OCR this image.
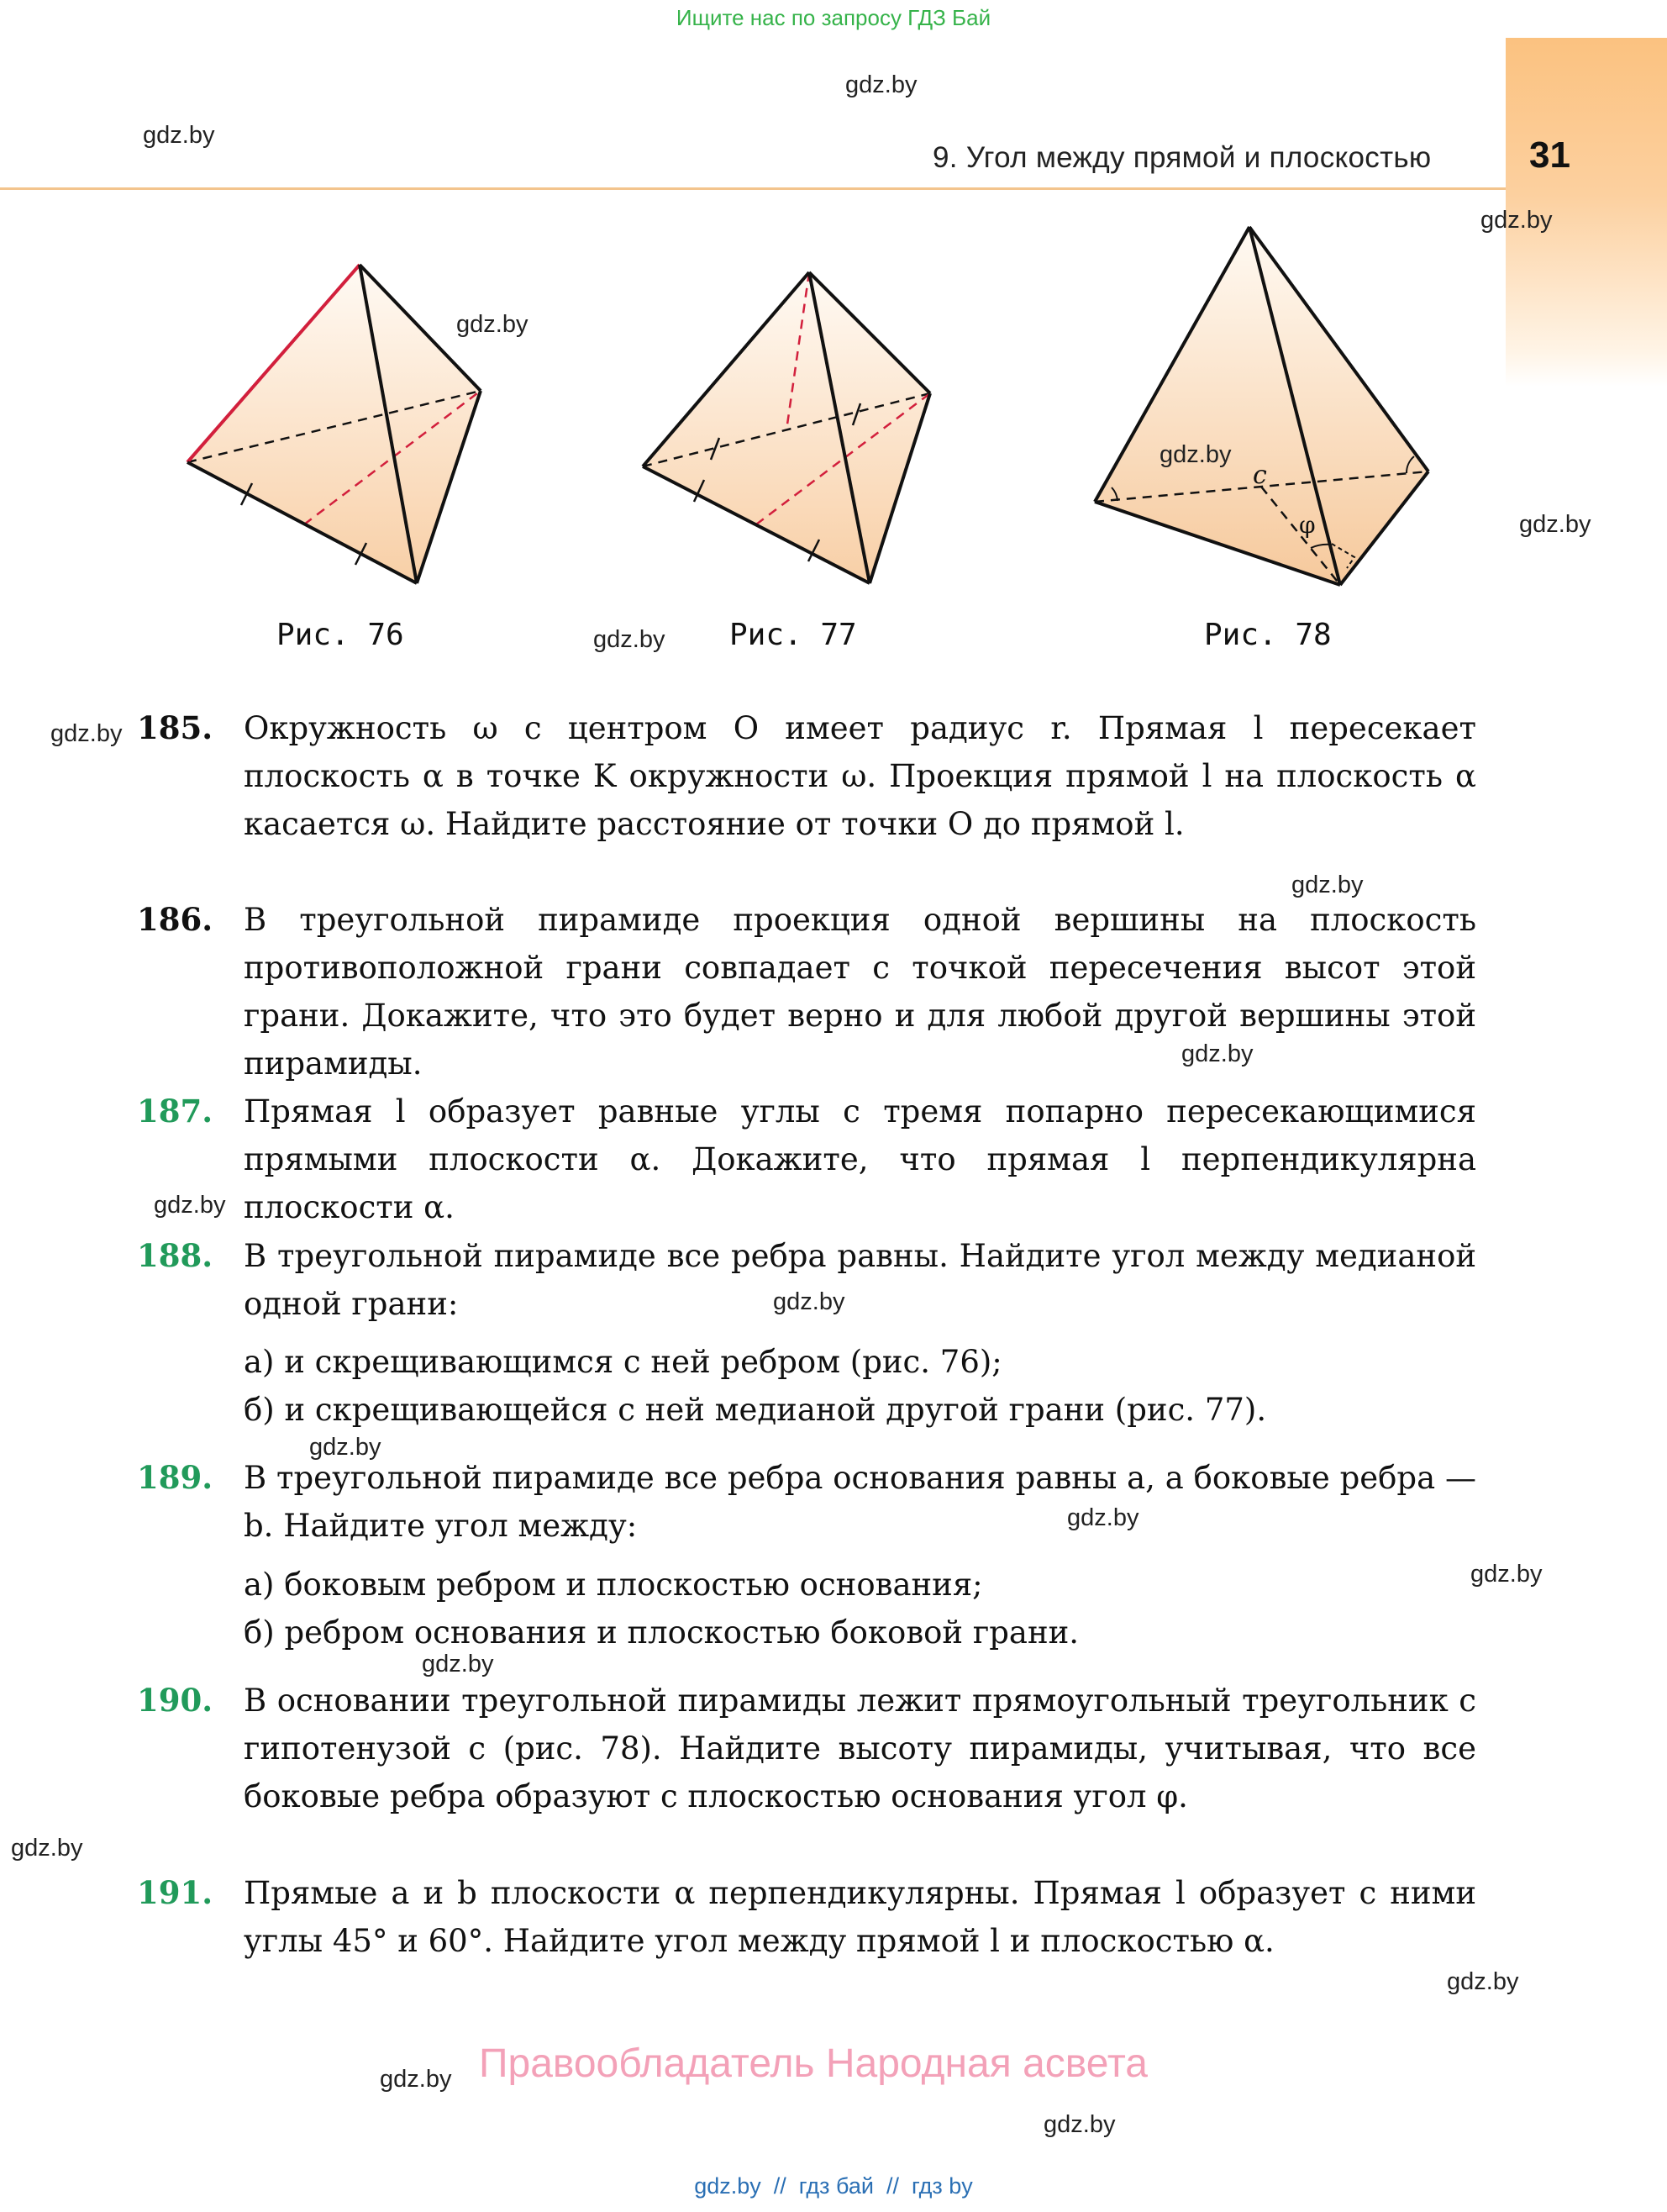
Ищите нас по запросу ГДЗ Бай
9. Угол между прямой и плоскостью	31
c
φ
Рис. 76	Рис. 77	Рис. 78
185. Окружность ω с центром O имеет радиус r. Прямая l пересекает плоскость α в точке K окружности ω. Проекция прямой l на плоскость α касается ω. Найдите расстояние от точки O до прямой l.
186. В треугольной пирамиде проекция одной вершины на плоскость противоположной грани совпадает с точкой пересечения высот этой грани. Докажите, что это будет верно и для любой другой вершины этой пирамиды.
187. Прямая l образует равные углы с тремя попарно пересекающимися прямыми плоскости α. Докажите, что прямая l перпендикулярна плоскости α.
188. В треугольной пирамиде все ребра равны. Найдите угол между медианой одной грани:
а) и скрещивающимся с ней ребром (рис. 76);
б) и скрещивающейся с ней медианой другой грани (рис. 77).
189. В треугольной пирамиде все ребра основания равны a, а боковые ребра — b. Найдите угол между:
а) боковым ребром и плоскостью основания;
б) ребром основания и плоскостью боковой грани.
190. В основании треугольной пирамиды лежит прямоугольный треугольник с гипотенузой c (рис. 78). Найдите высоту пирамиды, учитывая, что все боковые ребра образуют с плоскостью основания угол φ.
191. Прямые a и b плоскости α перпендикулярны. Прямая l образует с ними углы 45° и 60°. Найдите угол между прямой l и плоскостью α.
gdz.by
gdz.by
gdz.by
gdz.by
gdz.by
gdz.by
gdz.by
gdz.by
gdz.by
gdz.by
gdz.by
gdz.by
gdz.by
gdz.by
gdz.by
gdz.by
gdz.by
gdz.by
gdz.by
gdz.by
Правообладатель Народная асвета
gdz.by  //  гдз бай  //  гдз by
